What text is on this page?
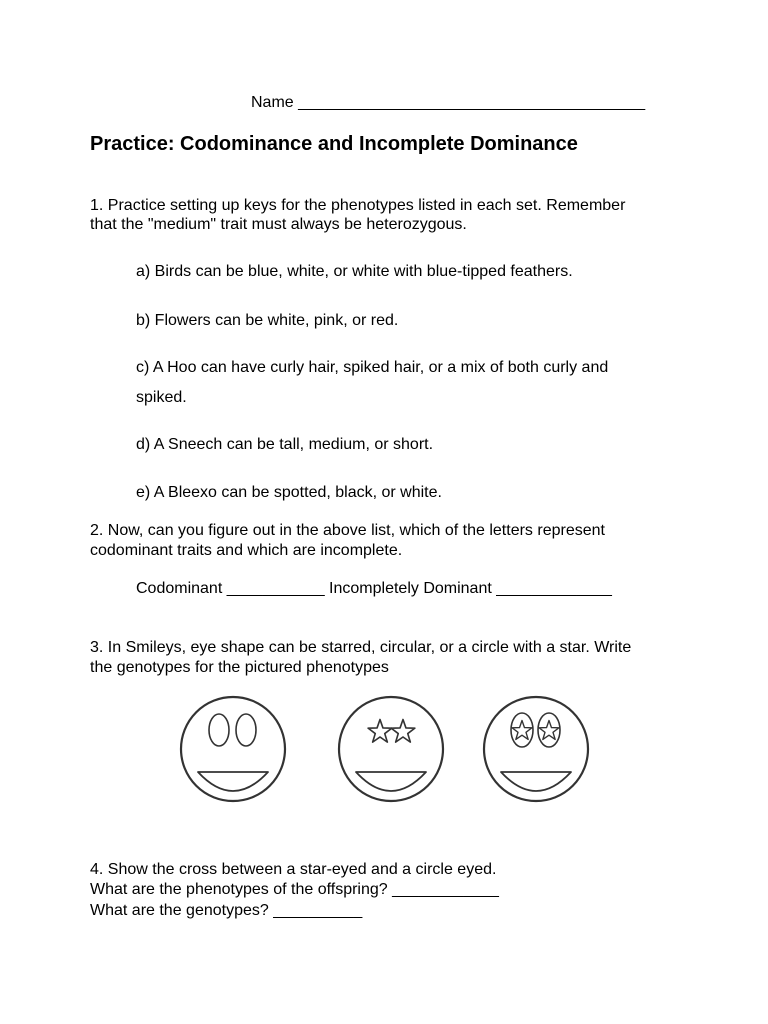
Name _______________________________________
Practice: Codominance and Incomplete Dominance
1. Practice setting up keys for the phenotypes listed in each set. Remember
that the "medium" trait must always be heterozygous.
a) Birds can be blue, white, or white with blue-tipped feathers.
b) Flowers can be white, pink, or red.
c) A Hoo can have curly hair, spiked hair, or a mix of both curly and
spiked.
d) A Sneech can be tall, medium, or short.
e) A Bleexo can be spotted, black, or white.
2. Now, can you figure out in the above list, which of the letters represent
codominant traits and which are incomplete.
Codominant ___________ Incompletely Dominant _____________
3. In Smileys, eye shape can be starred, circular, or a circle with a star. Write
the genotypes for the pictured phenotypes
4. Show the cross between a star-eyed and a circle eyed.
What are the phenotypes of the offspring? ____________
What are the genotypes? __________
